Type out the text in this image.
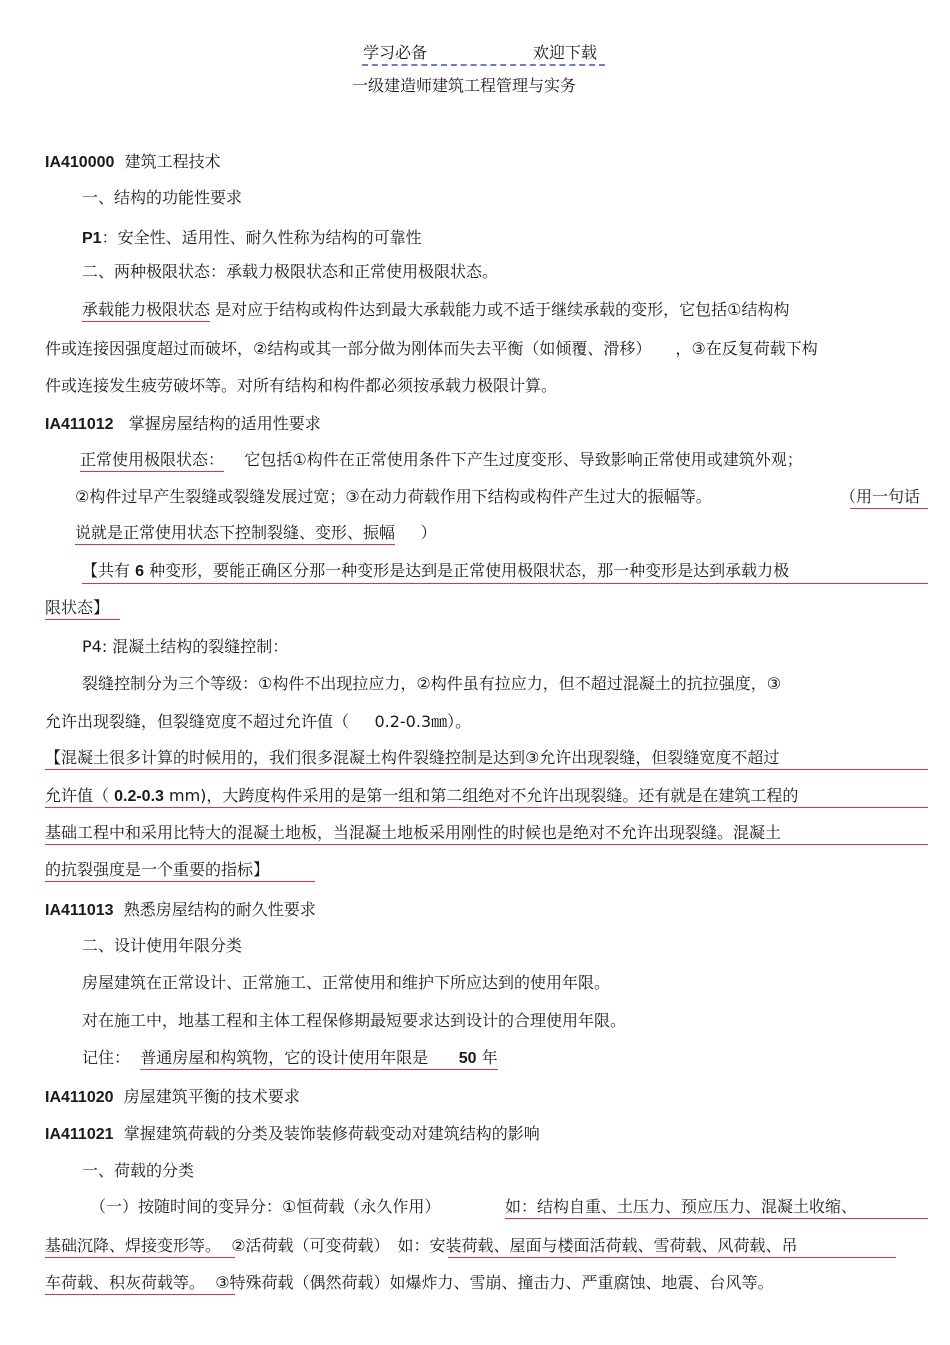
学习必备	欢迎下载
一级建造师建筑工程管理与实务
IA410000 建筑工程技术
一、结构的功能性要求
P1：安全性、适用性、耐久性称为结构的可靠性
二、两种极限状态：承载力极限状态和正常使用极限状态。
承载能力极限状态 是对应于结构或构件达到最大承载能力或不适于继续承载的变形，它包括①结构构
件或连接因强度超过而破坏，②结构或其一部分做为刚体而失去平衡（如倾覆、滑移）　　，③在反复荷载下构
件或连接发生疲劳破坏等。对所有结构和构件都必须按承载力极限计算。
IA411012 掌握房屋结构的适用性要求
正常使用极限状态： 它包括①构件在正常使用条件下产生过度变形、导致影响正常使用或建筑外观；
②构件过早产生裂缝或裂缝发展过宽；③在动力荷载作用下结构或构件产生过大的振幅等。	（用一句话
说就是正常使用状态下控制裂缝、变形、振幅 ）
【共有 6 种变形，要能正确区分那一种变形是达到是正常使用极限状态，那一种变形是达到承载力极
限状态】
P4: 混凝土结构的裂缝控制：
裂缝控制分为三个等级：①构件不出现拉应力，②构件虽有拉应力，但不超过混凝土的抗拉强度，③
允许出现裂缝，但裂缝宽度不超过允许值（ 0.2-0.3㎜）。
【混凝土很多计算的时候用的，我们很多混凝土构件裂缝控制是达到③允许出现裂缝，但裂缝宽度不超过
允许值（ 0.2-0.3 mm)，大跨度构件采用的是第一组和第二组绝对不允许出现裂缝。还有就是在建筑工程的
基础工程中和采用比特大的混凝土地板，当混凝土地板采用刚性的时候也是绝对不允许出现裂缝。混凝土
的抗裂强度是一个重要的指标】
IA411013 熟悉房屋结构的耐久性要求
二、设计使用年限分类
房屋建筑在正常设计、正常施工、正常使用和维护下所应达到的使用年限。
对在施工中，地基工程和主体工程保修期最短要求达到设计的合理使用年限。
记住： 普通房屋和构筑物，它的设计使用年限是 50 年
IA411020 房屋建筑平衡的技术要求
IA411021 掌握建筑荷载的分类及装饰装修荷载变动对建筑结构的影响
一、荷载的分类
（一）按随时间的变异分：①恒荷载（永久作用）	如：结构自重、土压力、预应压力、混凝土收缩、
基础沉降、焊接变形等。 ②活荷载（可变荷载）　如：安装荷载、屋面与楼面活荷载、雪荷载、风荷载、吊
车荷载、积灰荷载等。 ③特殊荷载（偶然荷载）如爆炸力、雪崩、撞击力、严重腐蚀、地震、台风等。
